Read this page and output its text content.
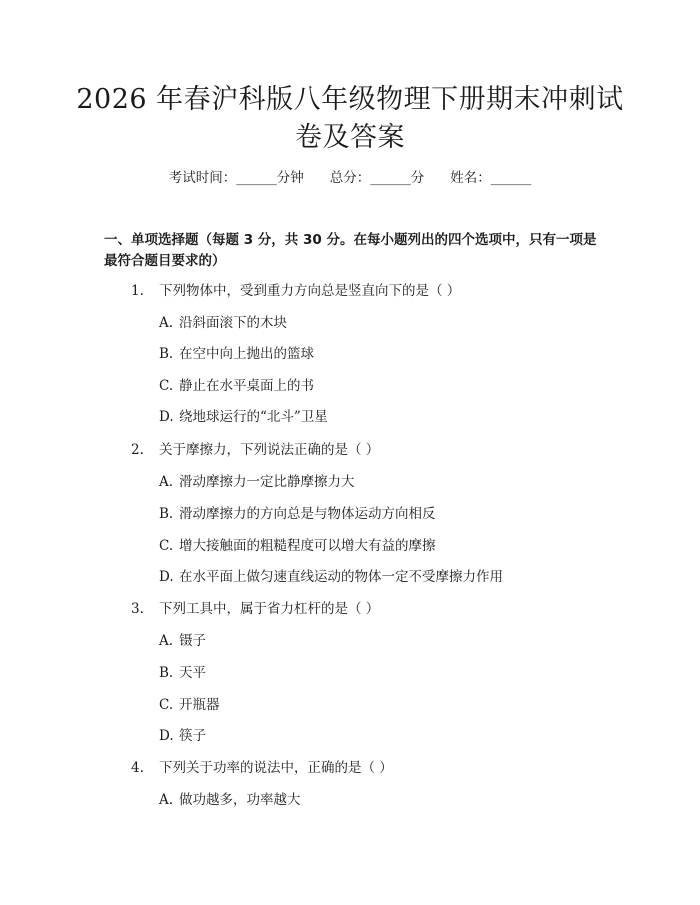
2026 年春沪科版八年级物理下册期末冲刺试
卷及答案
考试时间：______分钟 总分：______分 姓名：______
一、单项选择题（每题 3 分，共 30 分。在每小题列出的四个选项中，只有一项是最符合题目要求的）
1. 下列物体中，受到重力方向总是竖直向下的是（ ）
A. 沿斜面滚下的木块
B. 在空中向上抛出的篮球
C. 静止在水平桌面上的书
D. 绕地球运行的“北斗”卫星
2. 关于摩擦力，下列说法正确的是（ ）
A. 滑动摩擦力一定比静摩擦力大
B. 滑动摩擦力的方向总是与物体运动方向相反
C. 增大接触面的粗糙程度可以增大有益的摩擦
D. 在水平面上做匀速直线运动的物体一定不受摩擦力作用
3. 下列工具中，属于省力杠杆的是（ ）
A. 镊子
B. 天平
C. 开瓶器
D. 筷子
4. 下列关于功率的说法中，正确的是（ ）
A. 做功越多，功率越大
